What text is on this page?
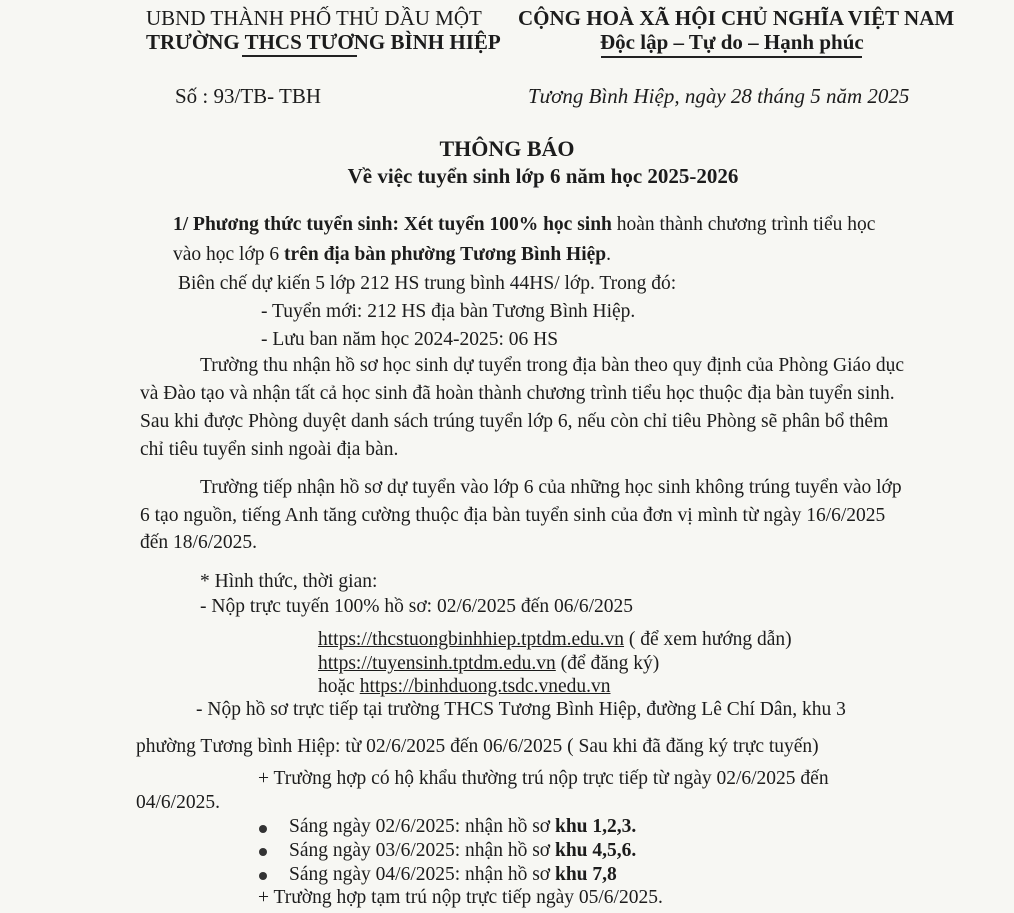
UBND THÀNH PHỐ THỦ DẦU MỘT
TRƯỜNG THCS TƯƠNG BÌNH HIỆP
CỘNG HOÀ XÃ HỘI CHỦ NGHĨA VIỆT NAM
Độc lập – Tự do – Hạnh phúc
Số : 93/TB- TBH	Tương Bình Hiệp, ngày 28 tháng 5 năm 2025
THÔNG BÁO
Về việc tuyển sinh lớp 6 năm học 2025-2026
1/ Phương thức tuyển sinh: Xét tuyển 100% học sinh hoàn thành chương trình tiểu học
vào học lớp 6 trên địa bàn phường Tương Bình Hiệp.
Biên chế dự kiến 5 lớp 212 HS trung bình 44HS/ lớp. Trong đó:
- Tuyển mới: 212 HS địa bàn Tương Bình Hiệp.
- Lưu ban năm học 2024-2025: 06 HS
Trường thu nhận hồ sơ học sinh dự tuyển trong địa bàn theo quy định của Phòng Giáo dục
và Đào tạo và nhận tất cả học sinh đã hoàn thành chương trình tiểu học thuộc địa bàn tuyển sinh.
Sau khi được Phòng duyệt danh sách trúng tuyển lớp 6, nếu còn chỉ tiêu Phòng sẽ phân bổ thêm
chỉ tiêu tuyển sinh ngoài địa bàn.
Trường tiếp nhận hồ sơ dự tuyển vào lớp 6 của những học sinh không trúng tuyển vào lớp
6 tạo nguồn, tiếng Anh tăng cường thuộc địa bàn tuyển sinh của đơn vị mình từ ngày 16/6/2025
đến 18/6/2025.
* Hình thức, thời gian:
- Nộp trực tuyến 100% hồ sơ: 02/6/2025 đến 06/6/2025
https://thcstuongbinhhiep.tptdm.edu.vn ( để xem hướng dẫn)
https://tuyensinh.tptdm.edu.vn (để đăng ký)
hoặc https://binhduong.tsdc.vnedu.vn
- Nộp hồ sơ trực tiếp tại trường THCS Tương Bình Hiệp, đường Lê Chí Dân, khu 3
phường Tương bình Hiệp: từ 02/6/2025 đến 06/6/2025 ( Sau khi đã đăng ký trực tuyến)
+ Trường hợp có hộ khẩu thường trú nộp trực tiếp từ ngày 02/6/2025 đến
04/6/2025.
Sáng ngày 02/6/2025: nhận hồ sơ khu 1,2,3.
Sáng ngày 03/6/2025: nhận hồ sơ khu 4,5,6.
Sáng ngày 04/6/2025: nhận hồ sơ khu 7,8
+ Trường hợp tạm trú nộp trực tiếp ngày 05/6/2025.
